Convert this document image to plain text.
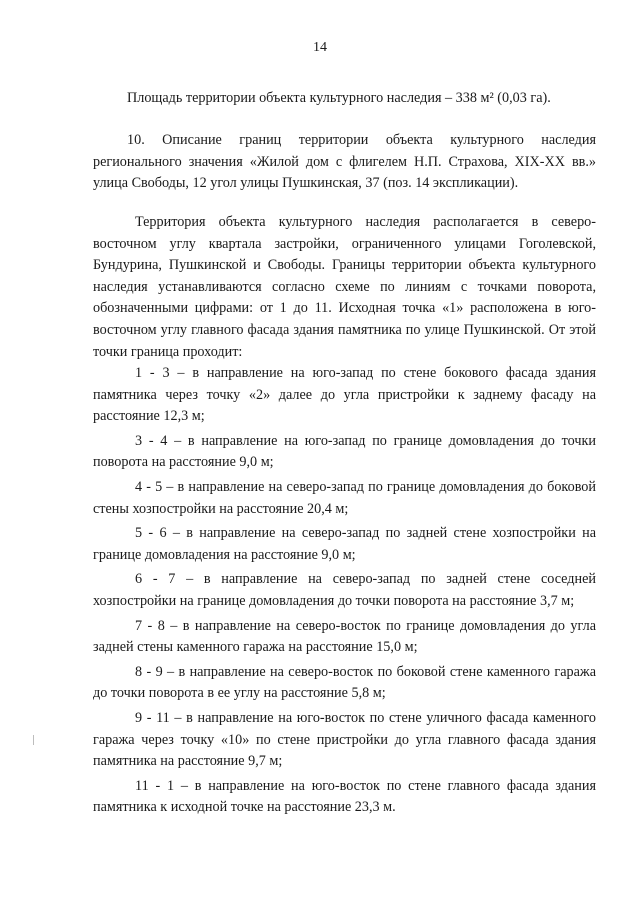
14

Площадь территории объекта культурного наследия – 338 м² (0,03 га).

10. Описание границ территории объекта культурного наследия регионального значения «Жилой дом с флигелем Н.П. Страхова, XIX-XX вв.» улица Свободы, 12 угол улицы Пушкинская, 37 (поз. 14 экспликации).

Территория объекта культурного наследия располагается в северо-восточном углу квартала застройки, ограниченного улицами Гоголевской, Бундурина, Пушкинской и Свободы. Границы территории объекта культурного наследия устанавливаются согласно схеме по линиям с точками поворота, обозначенными цифрами: от 1 до 11. Исходная точка «1» расположена в юго-восточном углу главного фасада здания памятника по улице Пушкинской. От этой точки граница проходит:

1 - 3 – в направление на юго-запад по стене бокового фасада здания памятника через точку «2» далее до угла пристройки к заднему фасаду на расстояние 12,3 м;
3 - 4 – в направление на юго-запад по границе домовладения до точки поворота на расстояние 9,0 м;
4 - 5 – в направление на северо-запад по границе домовладения до боковой стены хозпостройки на расстояние 20,4 м;
5 - 6 – в направление на северо-запад по задней стене хозпостройки на границе домовладения на расстояние 9,0 м;
6 - 7 – в направление на северо-запад по задней стене соседней хозпостройки на границе домовладения до точки поворота на расстояние 3,7 м;
7 - 8 – в направление на северо-восток по границе домовладения до угла задней стены каменного гаража на расстояние 15,0 м;
8 - 9 – в направление на северо-восток по боковой стене каменного гаража до точки поворота в ее углу на расстояние 5,8 м;
9 - 11 – в направление на юго-восток по стене уличного фасада каменного гаража через точку «10» по стене пристройки до угла главного фасада здания памятника на расстояние 9,7 м;
11 - 1 – в направление на юго-восток по стене главного фасада здания памятника к исходной точке на расстояние 23,3 м.
